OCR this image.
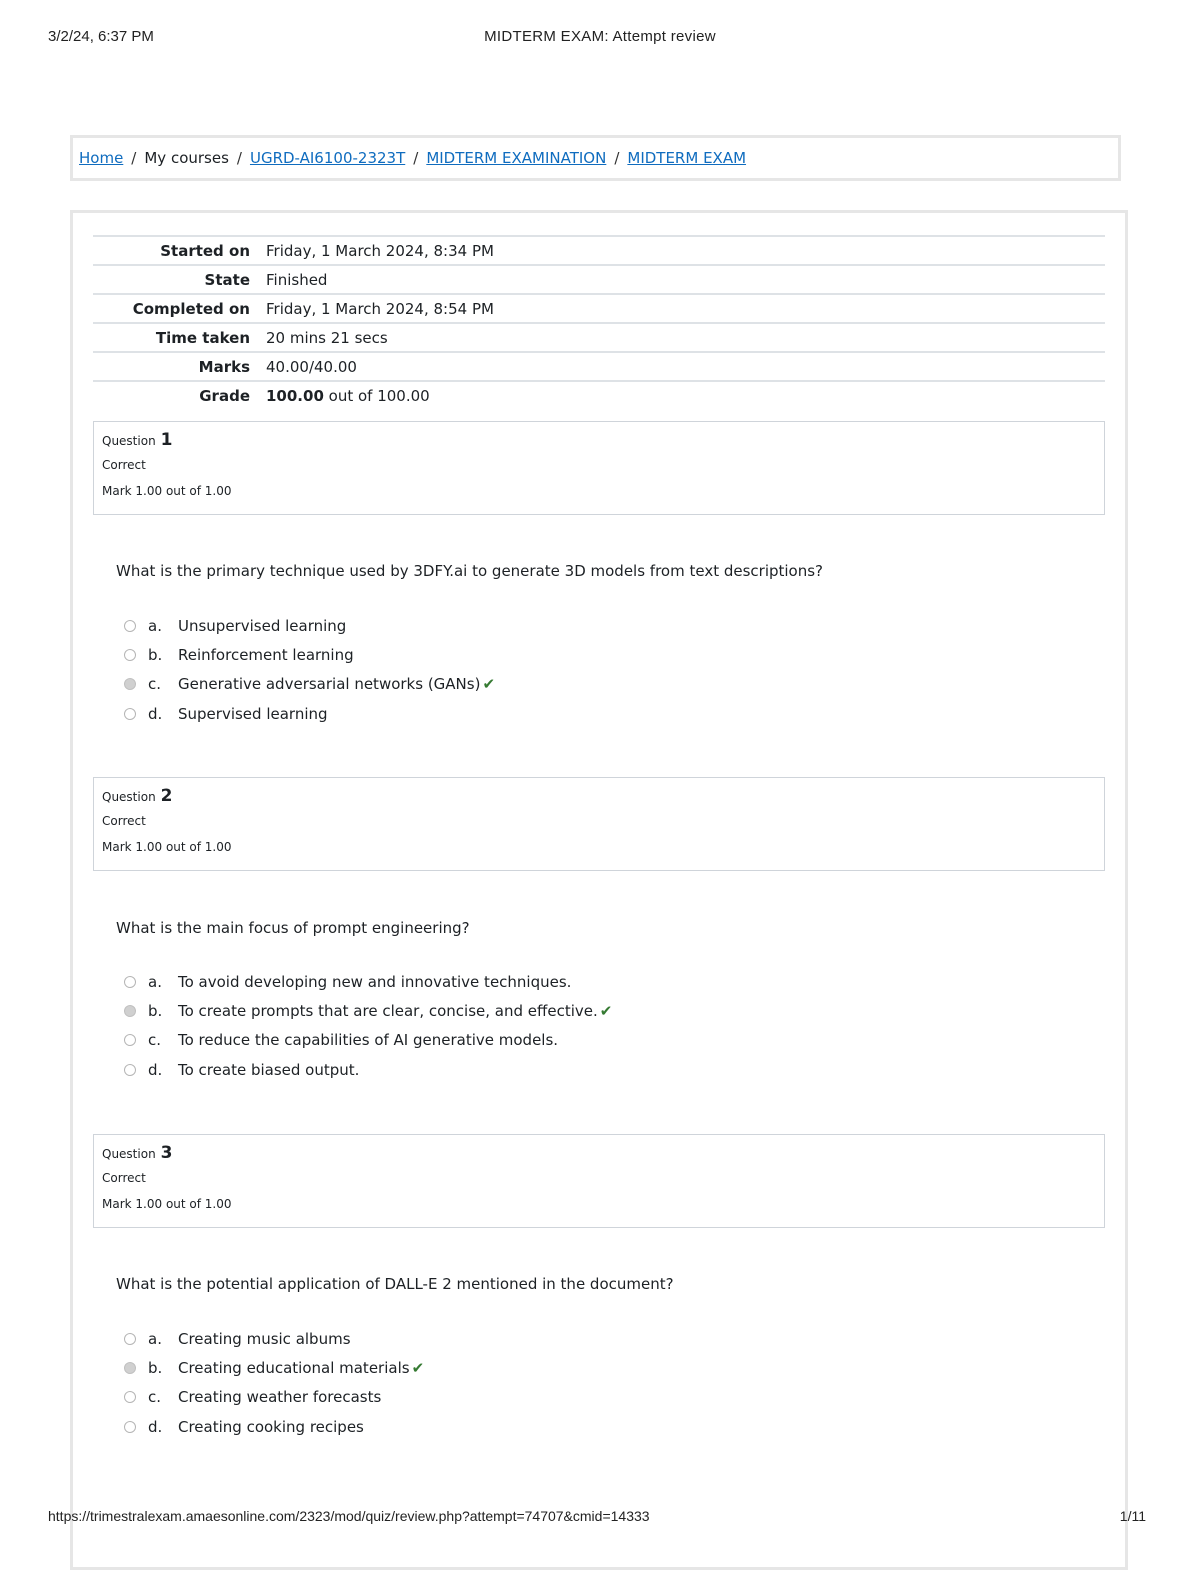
3/2/24, 6:37 PM	MIDTERM EXAM: Attempt review
Home / My courses / UGRD-AI6100-2323T / MIDTERM EXAMINATION / MIDTERM EXAM
Started on	Friday, 1 March 2024, 8:34 PM
State	Finished
Completed on	Friday, 1 March 2024, 8:54 PM
Time taken	20 mins 21 secs
Marks	40.00/40.00
Grade	100.00 out of 100.00
Question 1
Correct
Mark 1.00 out of 1.00
What is the primary technique used by 3DFY.ai to generate 3D models from text descriptions?
a.	Unsupervised learning
b.	Reinforcement learning
c.	Generative adversarial networks (GANs) ✔
d.	Supervised learning
Question 2
Correct
Mark 1.00 out of 1.00
What is the main focus of prompt engineering?
a.	To avoid developing new and innovative techniques.
b.	To create prompts that are clear, concise, and effective. ✔
c.	To reduce the capabilities of AI generative models.
d.	To create biased output.
Question 3
Correct
Mark 1.00 out of 1.00
What is the potential application of DALL-E 2 mentioned in the document?
a.	Creating music albums
b.	Creating educational materials ✔
c.	Creating weather forecasts
d.	Creating cooking recipes
https://trimestralexam.amaesonline.com/2323/mod/quiz/review.php?attempt=74707&cmid=14333	1/11
